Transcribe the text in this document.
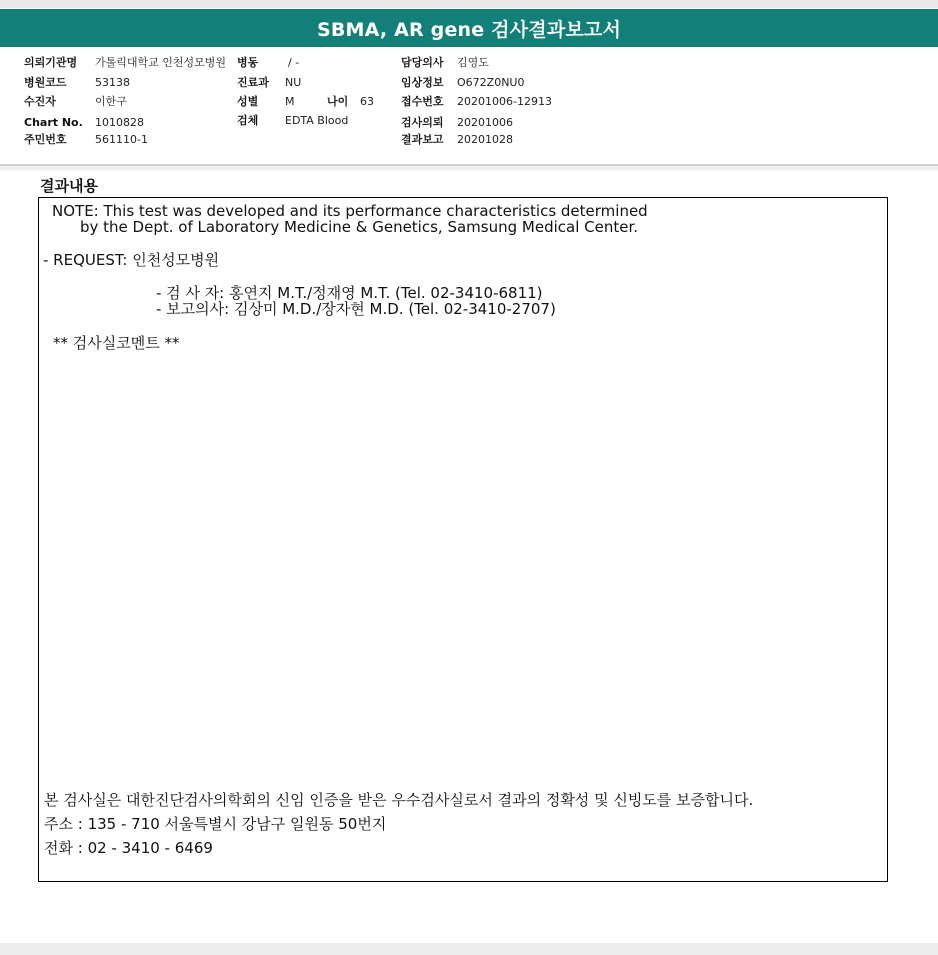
SBMA, AR gene 검사결과보고서
의뢰기관명 가톨릭대학교 인천성모병원
병원코드	53138
수진자	이한구
Chart No. 1010828
주민번호	561110-1
병동	/ -
진료과 NU
성별 M	나이 63
검체 EDTA Blood
담당의사 김영도
임상정보 O672Z0NU0
접수번호 20201006-12913
검사의뢰 20201006
결과보고 20201028
결과내용
NOTE: This test was developed and its performance characteristics determined
by the Dept. of Laboratory Medicine & Genetics, Samsung Medical Center.
- REQUEST: 인천성모병원
- 검 사 자: 홍연지 M.T./정재영 M.T. (Tel. 02-3410-6811)
- 보고의사: 김상미 M.D./장자현 M.D. (Tel. 02-3410-2707)
** 검사실코멘트 **
본 검사실은 대한진단검사의학회의 신임 인증을 받은 우수검사실로서 결과의 정확성 및 신빙도를 보증합니다.
주소 : 135 - 710 서울특별시 강남구 일원동 50번지
전화 : 02 - 3410 - 6469
